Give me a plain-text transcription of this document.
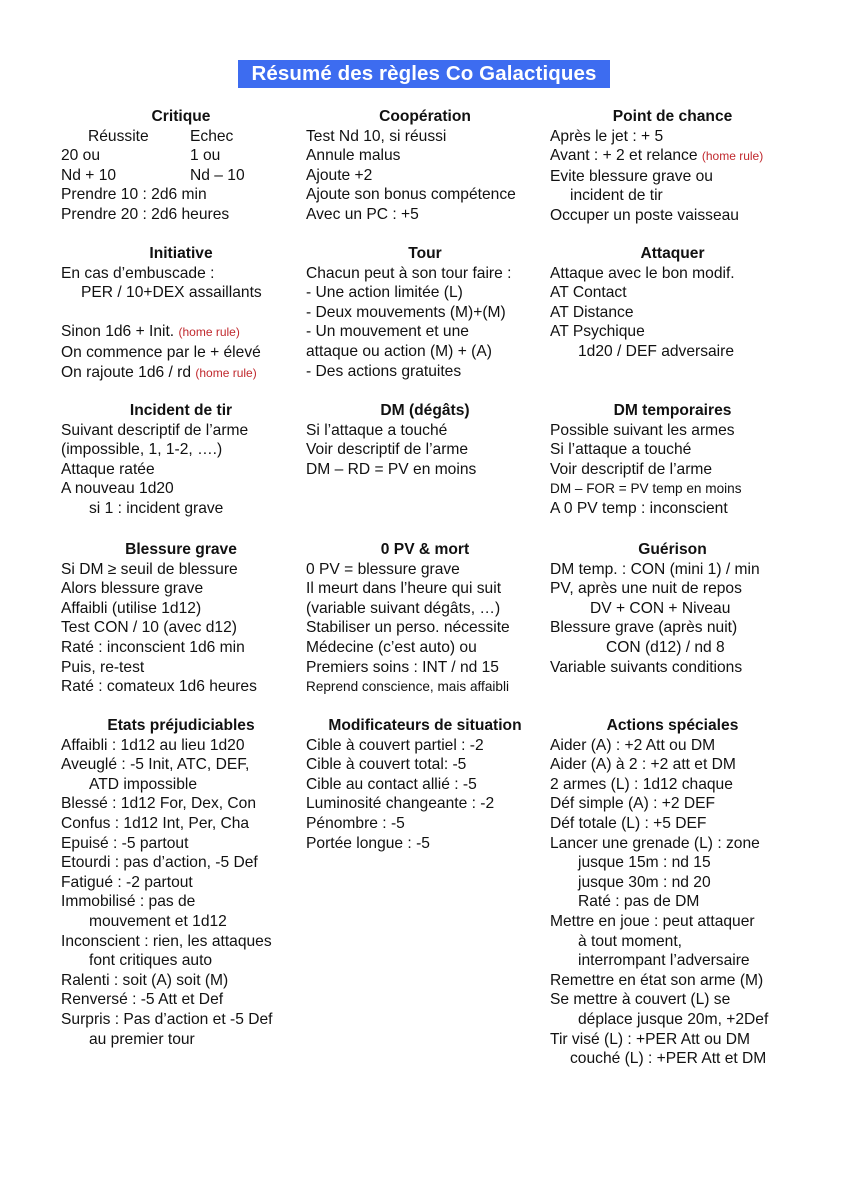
Résumé des règles Co Galactiques
Critique
Réussite	Echec
20 ou	1 ou
Nd + 10	Nd – 10
Prendre 10 : 2d6 min
Prendre 20 : 2d6 heures
Coopération
Test Nd 10, si réussi
Annule malus
Ajoute +2
Ajoute son bonus compétence
Avec un PC : +5
Point de chance
Après le jet : + 5
Avant : + 2 et relance (home rule)
Evite blessure grave ou
incident de tir
Occuper un poste vaisseau
Initiative
En cas d’embuscade :
PER / 10+DEX assaillants
Sinon 1d6 + Init. (home rule)
On commence par le + élevé
On rajoute 1d6 / rd (home rule)
Tour
Chacun peut à son tour faire :
- Une action limitée (L)
- Deux mouvements (M)+(M)
- Un mouvement et une
attaque ou action (M) + (A)
- Des actions gratuites
Attaquer
Attaque avec le bon modif.
AT Contact
AT Distance
AT Psychique
1d20 / DEF adversaire
Incident de tir
Suivant descriptif de l’arme
(impossible, 1, 1-2, ….)
Attaque ratée
A nouveau 1d20
si 1 : incident grave
DM (dégâts)
Si l’attaque a touché
Voir descriptif de l’arme
DM – RD = PV en moins
DM temporaires
Possible suivant les armes
Si l’attaque a touché
Voir descriptif de l’arme
DM – FOR = PV temp en moins
A 0 PV temp : inconscient
Blessure grave
Si DM ≥ seuil de blessure
Alors blessure grave
Affaibli (utilise 1d12)
Test CON / 10 (avec d12)
Raté : inconscient 1d6 min
Puis, re-test
Raté : comateux 1d6 heures
0 PV & mort
0 PV = blessure grave
Il meurt dans l’heure qui suit
(variable suivant dégâts, …)
Stabiliser un perso. nécessite
Médecine (c’est auto) ou
Premiers soins : INT / nd 15
Reprend conscience, mais affaibli
Guérison
DM temp. : CON (mini 1) / min
PV, après une nuit de repos
DV + CON + Niveau
Blessure grave (après nuit)
CON (d12) / nd 8
Variable suivants conditions
Etats préjudiciables
Affaibli : 1d12 au lieu 1d20
Aveuglé : -5 Init, ATC, DEF,
ATD impossible
Blessé : 1d12 For, Dex, Con
Confus : 1d12 Int, Per, Cha
Epuisé : -5 partout
Etourdi : pas d’action, -5 Def
Fatigué : -2 partout
Immobilisé : pas de
mouvement et 1d12
Inconscient : rien, les attaques
font critiques auto
Ralenti : soit (A) soit (M)
Renversé : -5 Att et Def
Surpris : Pas d’action et -5 Def
au premier tour
Modificateurs de situation
Cible à couvert partiel : -2
Cible à couvert total: -5
Cible au contact allié : -5
Luminosité changeante : -2
Pénombre : -5
Portée longue : -5
Actions spéciales
Aider (A) : +2 Att ou DM
Aider (A) à 2 : +2 att et DM
2 armes (L) : 1d12 chaque
Déf simple (A) : +2 DEF
Déf totale (L) : +5 DEF
Lancer une grenade (L) : zone
jusque 15m : nd 15
jusque 30m : nd 20
Raté : pas de DM
Mettre en joue : peut attaquer
à tout moment,
interrompant l’adversaire
Remettre en état son arme (M)
Se mettre à couvert (L) se
déplace jusque 20m, +2Def
Tir visé (L) : +PER Att ou DM
couché (L) : +PER Att et DM
